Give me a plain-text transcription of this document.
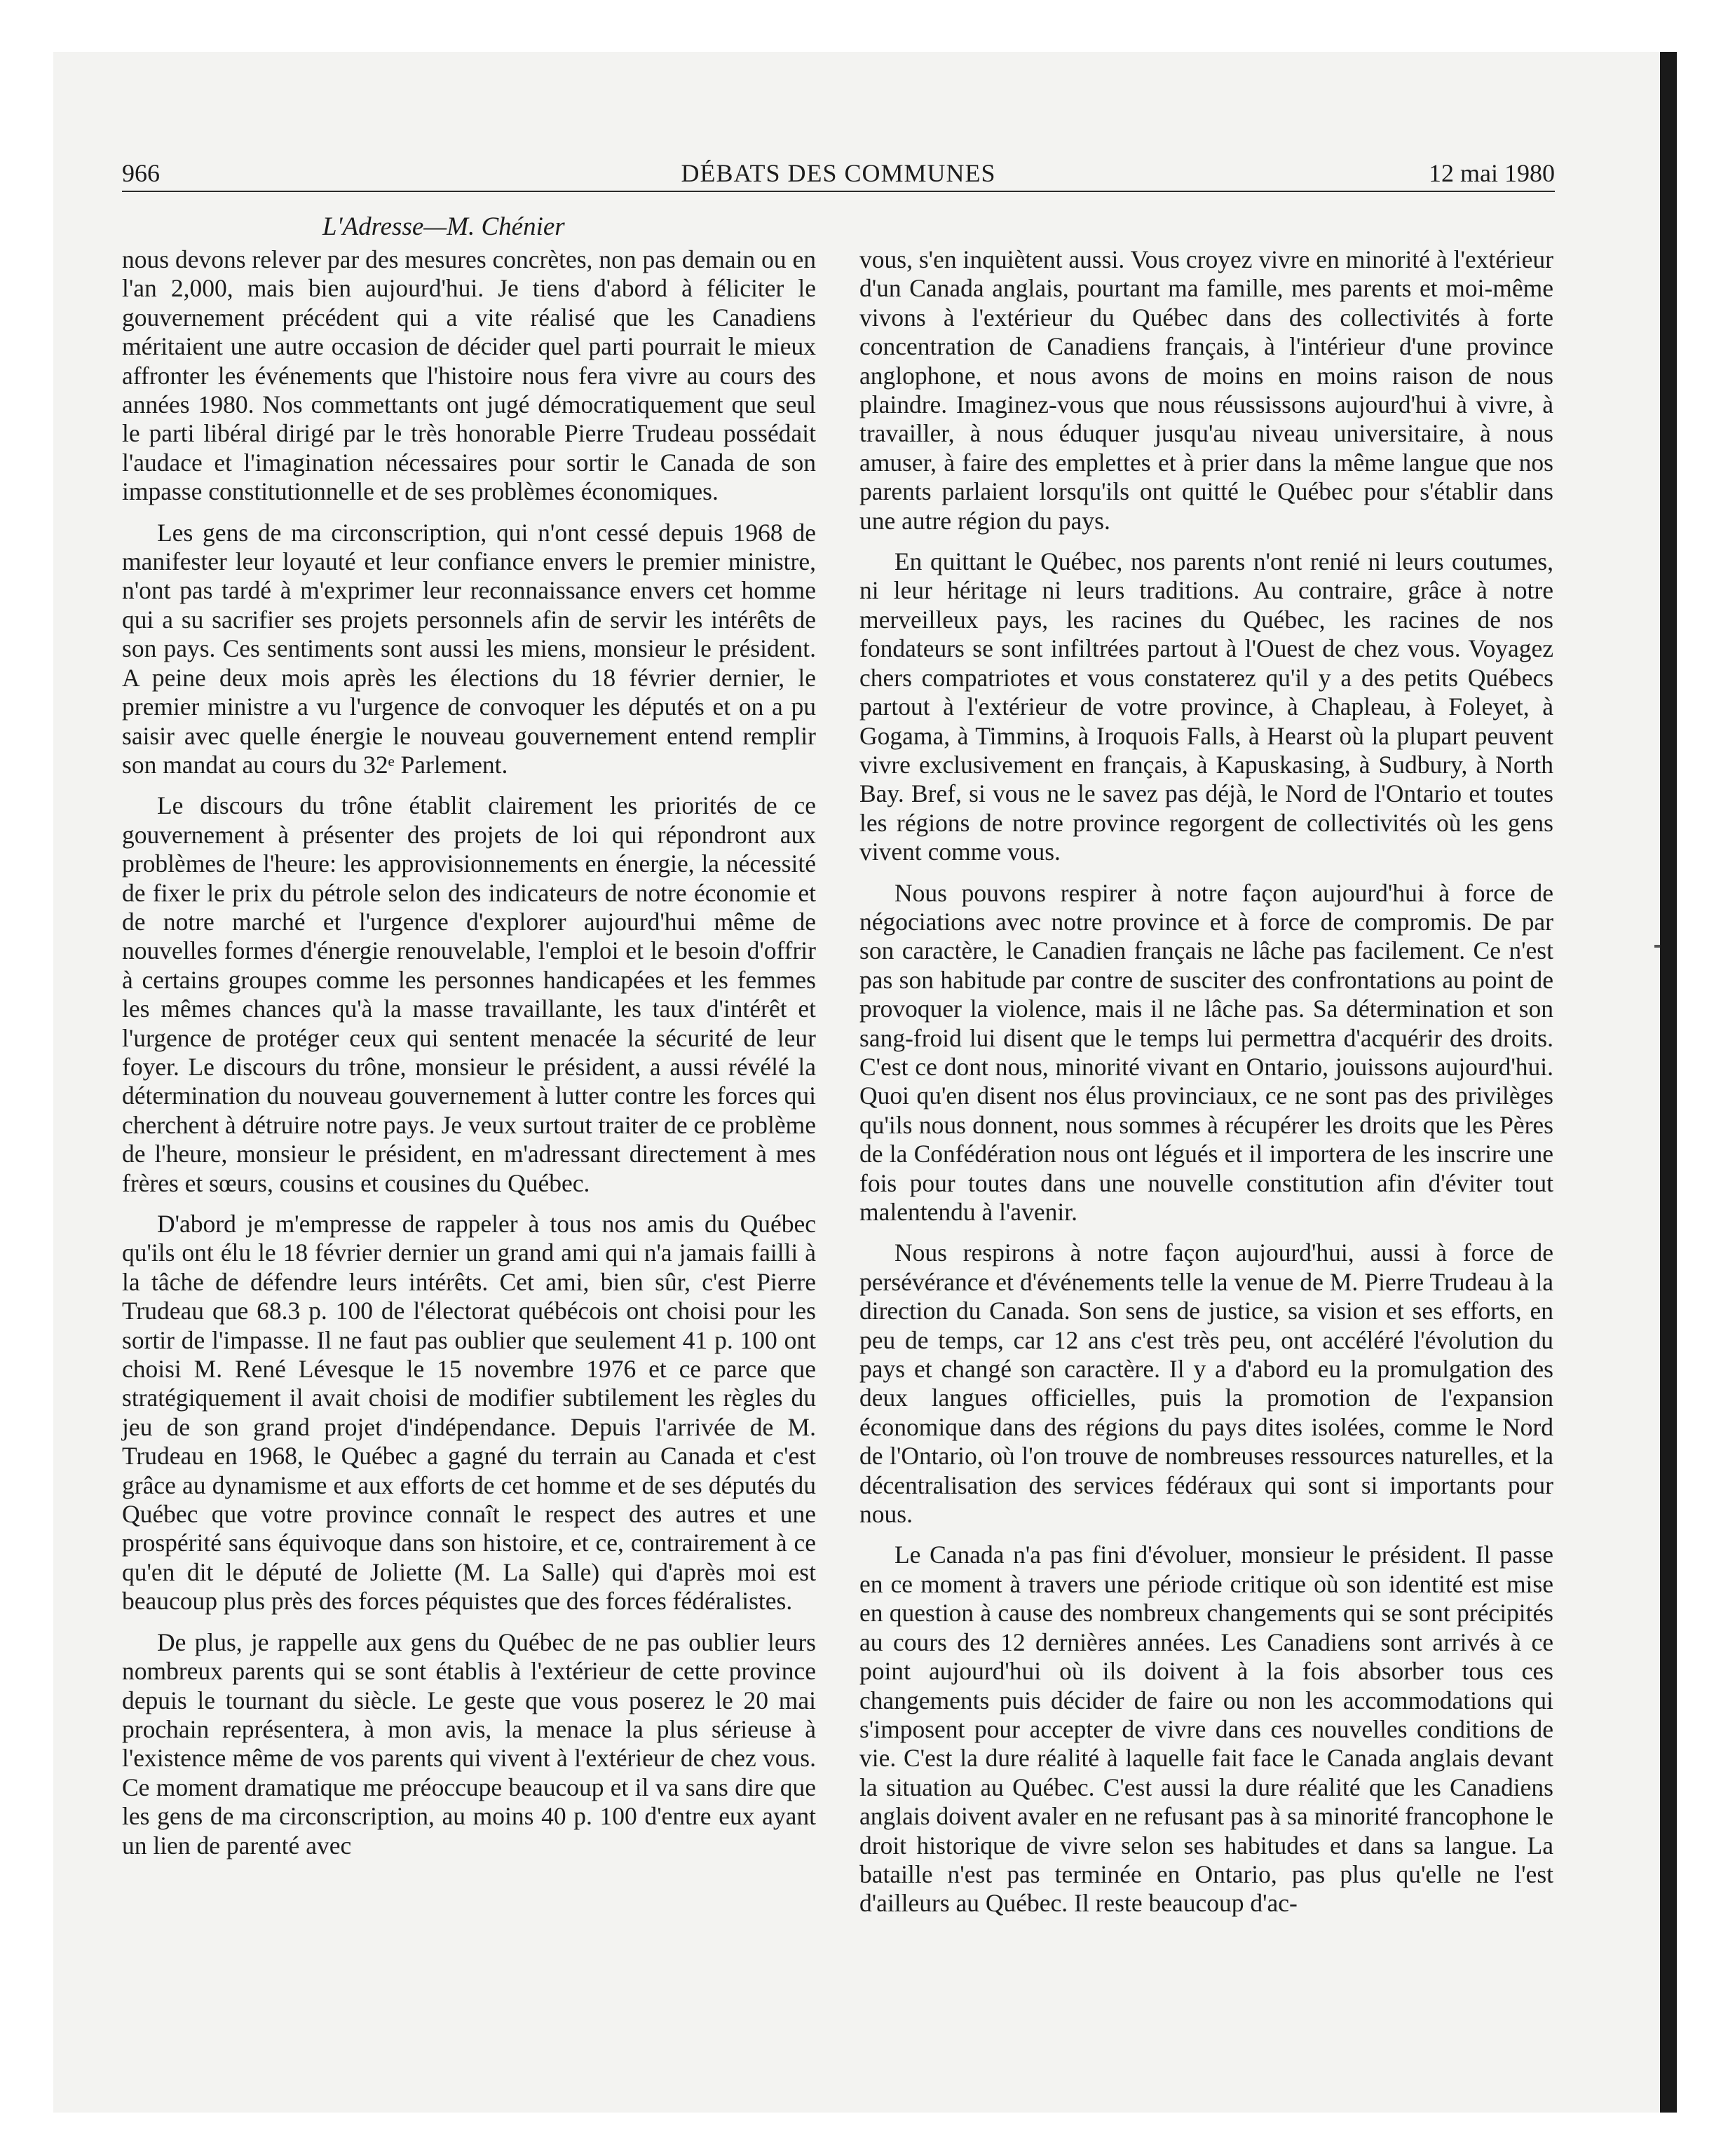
966	DÉBATS DES COMMUNES	12 mai 1980
L'Adresse—M. Chénier

nous devons relever par des mesures concrètes, non pas demain ou en l'an 2,000, mais bien aujourd'hui. Je tiens d'abord à féliciter le gouvernement précédent qui a vite réalisé que les Canadiens méritaient une autre occasion de décider quel parti pourrait le mieux affronter les événements que l'histoire nous fera vivre au cours des années 1980. Nos commettants ont jugé démocratiquement que seul le parti libéral dirigé par le très honorable Pierre Trudeau possédait l'audace et l'imagination nécessaires pour sortir le Canada de son impasse constitutionnelle et de ses problèmes économiques.

Les gens de ma circonscription, qui n'ont cessé depuis 1968 de manifester leur loyauté et leur confiance envers le premier ministre, n'ont pas tardé à m'exprimer leur reconnaissance envers cet homme qui a su sacrifier ses projets personnels afin de servir les intérêts de son pays. Ces sentiments sont aussi les miens, monsieur le président. A peine deux mois après les élections du 18 février dernier, le premier ministre a vu l'urgence de convoquer les députés et on a pu saisir avec quelle énergie le nouveau gouvernement entend remplir son mandat au cours du 32ᵉ Parlement.

Le discours du trône établit clairement les priorités de ce gouvernement à présenter des projets de loi qui répondront aux problèmes de l'heure: les approvisionnements en énergie, la nécessité de fixer le prix du pétrole selon des indicateurs de notre économie et de notre marché et l'urgence d'explorer aujourd'hui même de nouvelles formes d'énergie renouvelable, l'emploi et le besoin d'offrir à certains groupes comme les personnes handicapées et les femmes les mêmes chances qu'à la masse travaillante, les taux d'intérêt et l'urgence de protéger ceux qui sentent menacée la sécurité de leur foyer. Le discours du trône, monsieur le président, a aussi révélé la détermination du nouveau gouvernement à lutter contre les forces qui cherchent à détruire notre pays. Je veux surtout traiter de ce problème de l'heure, monsieur le président, en m'adressant directement à mes frères et sœurs, cousins et cousines du Québec.

D'abord je m'empresse de rappeler à tous nos amis du Québec qu'ils ont élu le 18 février dernier un grand ami qui n'a jamais failli à la tâche de défendre leurs intérêts. Cet ami, bien sûr, c'est Pierre Trudeau que 68.3 p. 100 de l'électorat québécois ont choisi pour les sortir de l'impasse. Il ne faut pas oublier que seulement 41 p. 100 ont choisi M. René Lévesque le 15 novembre 1976 et ce parce que stratégiquement il avait choisi de modifier subtilement les règles du jeu de son grand projet d'indépendance. Depuis l'arrivée de M. Trudeau en 1968, le Québec a gagné du terrain au Canada et c'est grâce au dynamisme et aux efforts de cet homme et de ses députés du Québec que votre province connaît le respect des autres et une prospérité sans équivoque dans son histoire, et ce, contrairement à ce qu'en dit le député de Joliette (M. La Salle) qui d'après moi est beaucoup plus près des forces péquistes que des forces fédéralistes.

De plus, je rappelle aux gens du Québec de ne pas oublier leurs nombreux parents qui se sont établis à l'extérieur de cette province depuis le tournant du siècle. Le geste que vous poserez le 20 mai prochain représentera, à mon avis, la menace la plus sérieuse à l'existence même de vos parents qui vivent à l'extérieur de chez vous. Ce moment dramatique me préoccupe beaucoup et il va sans dire que les gens de ma circonscription, au moins 40 p. 100 d'entre eux ayant un lien de parenté avec

vous, s'en inquiètent aussi. Vous croyez vivre en minorité à l'extérieur d'un Canada anglais, pourtant ma famille, mes parents et moi-même vivons à l'extérieur du Québec dans des collectivités à forte concentration de Canadiens français, à l'intérieur d'une province anglophone, et nous avons de moins en moins raison de nous plaindre. Imaginez-vous que nous réussissons aujourd'hui à vivre, à travailler, à nous éduquer jusqu'au niveau universitaire, à nous amuser, à faire des emplettes et à prier dans la même langue que nos parents parlaient lorsqu'ils ont quitté le Québec pour s'établir dans une autre région du pays.

En quittant le Québec, nos parents n'ont renié ni leurs coutumes, ni leur héritage ni leurs traditions. Au contraire, grâce à notre merveilleux pays, les racines du Québec, les racines de nos fondateurs se sont infiltrées partout à l'Ouest de chez vous. Voyagez chers compatriotes et vous constaterez qu'il y a des petits Québecs partout à l'extérieur de votre province, à Chapleau, à Foleyet, à Gogama, à Timmins, à Iroquois Falls, à Hearst où la plupart peuvent vivre exclusivement en français, à Kapuskasing, à Sudbury, à North Bay. Bref, si vous ne le savez pas déjà, le Nord de l'Ontario et toutes les régions de notre province regorgent de collectivités où les gens vivent comme vous.

Nous pouvons respirer à notre façon aujourd'hui à force de négociations avec notre province et à force de compromis. De par son caractère, le Canadien français ne lâche pas facilement. Ce n'est pas son habitude par contre de susciter des confrontations au point de provoquer la violence, mais il ne lâche pas. Sa détermination et son sang-froid lui disent que le temps lui permettra d'acquérir des droits. C'est ce dont nous, minorité vivant en Ontario, jouissons aujourd'hui. Quoi qu'en disent nos élus provinciaux, ce ne sont pas des privilèges qu'ils nous donnent, nous sommes à récupérer les droits que les Pères de la Confédération nous ont légués et il importera de les inscrire une fois pour toutes dans une nouvelle constitution afin d'éviter tout malentendu à l'avenir.

Nous respirons à notre façon aujourd'hui, aussi à force de persévérance et d'événements telle la venue de M. Pierre Trudeau à la direction du Canada. Son sens de justice, sa vision et ses efforts, en peu de temps, car 12 ans c'est très peu, ont accéléré l'évolution du pays et changé son caractère. Il y a d'abord eu la promulgation des deux langues officielles, puis la promotion de l'expansion économique dans des régions du pays dites isolées, comme le Nord de l'Ontario, où l'on trouve de nombreuses ressources naturelles, et la décentralisation des services fédéraux qui sont si importants pour nous.

Le Canada n'a pas fini d'évoluer, monsieur le président. Il passe en ce moment à travers une période critique où son identité est mise en question à cause des nombreux changements qui se sont précipités au cours des 12 dernières années. Les Canadiens sont arrivés à ce point aujourd'hui où ils doivent à la fois absorber tous ces changements puis décider de faire ou non les accommodations qui s'imposent pour accepter de vivre dans ces nouvelles conditions de vie. C'est la dure réalité à laquelle fait face le Canada anglais devant la situation au Québec. C'est aussi la dure réalité que les Canadiens anglais doivent avaler en ne refusant pas à sa minorité francophone le droit historique de vivre selon ses habitudes et dans sa langue. La bataille n'est pas terminée en Ontario, pas plus qu'elle ne l'est d'ailleurs au Québec. Il reste beaucoup d'ac-
